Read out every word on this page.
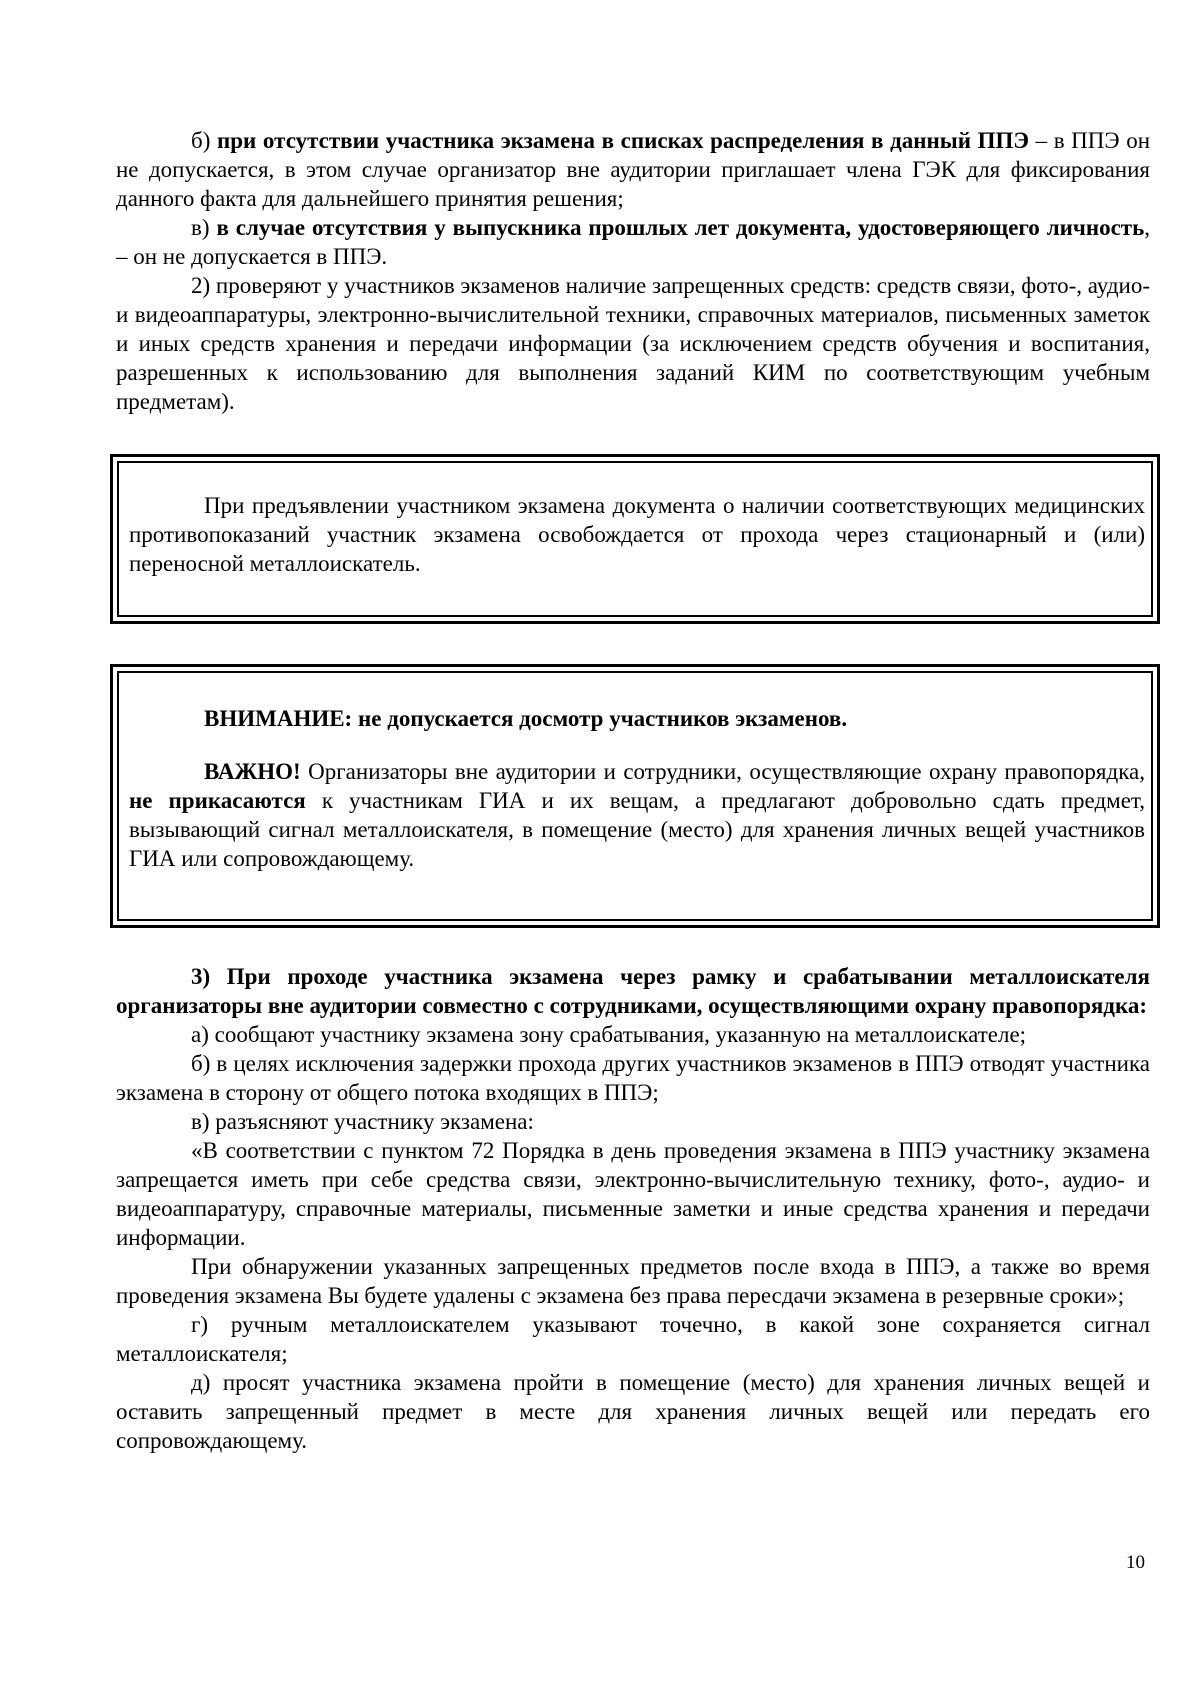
б) при отсутствии участника экзамена в списках распределения в данный ППЭ – в ППЭ он не допускается, в этом случае организатор вне аудитории приглашает члена ГЭК для фиксирования данного факта для дальнейшего принятия решения;

в) в случае отсутствия у выпускника прошлых лет документа, удостоверяющего личность, – он не допускается в ППЭ.

2) проверяют у участников экзаменов наличие запрещенных средств: средств связи, фото-, аудио- и видеоаппаратуры, электронно-вычислительной техники, справочных материалов, письменных заметок и иных средств хранения и передачи информации (за исключением средств обучения и воспитания, разрешенных к использованию для выполнения заданий КИМ по соответствующим учебным предметам).

При предъявлении участником экзамена документа о наличии соответствующих медицинских противопоказаний участник экзамена освобождается от прохода через стационарный и (или) переносной металлоискатель.

ВНИМАНИЕ: не допускается досмотр участников экзаменов.

ВАЖНО! Организаторы вне аудитории и сотрудники, осуществляющие охрану правопорядка, не прикасаются к участникам ГИА и их вещам, а предлагают добровольно сдать предмет, вызывающий сигнал металлоискателя, в помещение (место) для хранения личных вещей участников ГИА или сопровождающему.

3) При проходе участника экзамена через рамку и срабатывании металлоискателя организаторы вне аудитории совместно с сотрудниками, осуществляющими охрану правопорядка:

а) сообщают участнику экзамена зону срабатывания, указанную на металлоискателе;

б) в целях исключения задержки прохода других участников экзаменов в ППЭ отводят участника экзамена в сторону от общего потока входящих в ППЭ;

в) разъясняют участнику экзамена:

«В соответствии с пунктом 72 Порядка в день проведения экзамена в ППЭ участнику экзамена запрещается иметь при себе средства связи, электронно-вычислительную технику, фото-, аудио- и видеоаппаратуру, справочные материалы, письменные заметки и иные средства хранения и передачи информации.

При обнаружении указанных запрещенных предметов после входа в ППЭ, а также во время проведения экзамена Вы будете удалены с экзамена без права пересдачи экзамена в резервные сроки»;

г) ручным металлоискателем указывают точечно, в какой зоне сохраняется сигнал металлоискателя;

д) просят участника экзамена пройти в помещение (место) для хранения личных вещей и оставить запрещенный предмет в месте для хранения личных вещей или передать его сопровождающему.

10
